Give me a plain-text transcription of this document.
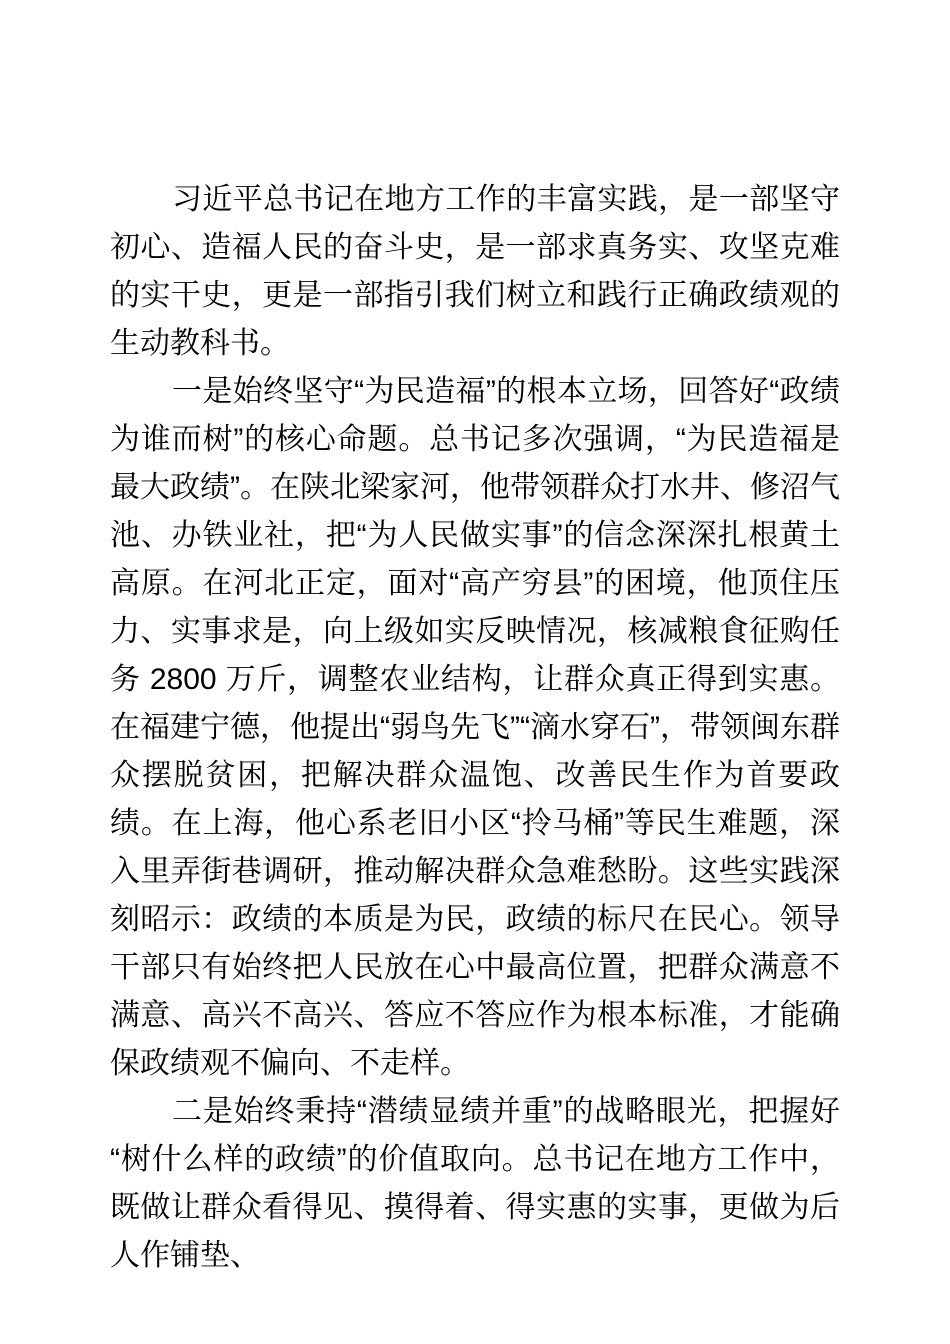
习近平总书记在地方工作的丰富实践，是一部坚守初心、造福人民的奋斗史，是一部求真务实、攻坚克难的实干史，更是一部指引我们树立和践行正确政绩观的生动教科书。

一是始终坚守“为民造福”的根本立场，回答好“政绩为谁而树”的核心命题。总书记多次强调，“为民造福是最大政绩”。在陕北梁家河，他带领群众打水井、修沼气池、办铁业社，把“为人民做实事”的信念深深扎根黄土高原。在河北正定，面对“高产穷县”的困境，他顶住压力、实事求是，向上级如实反映情况，核减粮食征购任务 2800 万斤，调整农业结构，让群众真正得到实惠。在福建宁德，他提出“弱鸟先飞”“滴水穿石”，带领闽东群众摆脱贫困，把解决群众温饱、改善民生作为首要政绩。在上海，他心系老旧小区“拎马桶”等民生难题，深入里弄街巷调研，推动解决群众急难愁盼。这些实践深刻昭示：政绩的本质是为民，政绩的标尺在民心。领导干部只有始终把人民放在心中最高位置，把群众满意不满意、高兴不高兴、答应不答应作为根本标准，才能确保政绩观不偏向、不走样。

二是始终秉持“潜绩显绩并重”的战略眼光，把握好“树什么样的政绩”的价值取向。总书记在地方工作中，既做让群众看得见、摸得着、得实惠的实事，更做为后人作铺垫、
